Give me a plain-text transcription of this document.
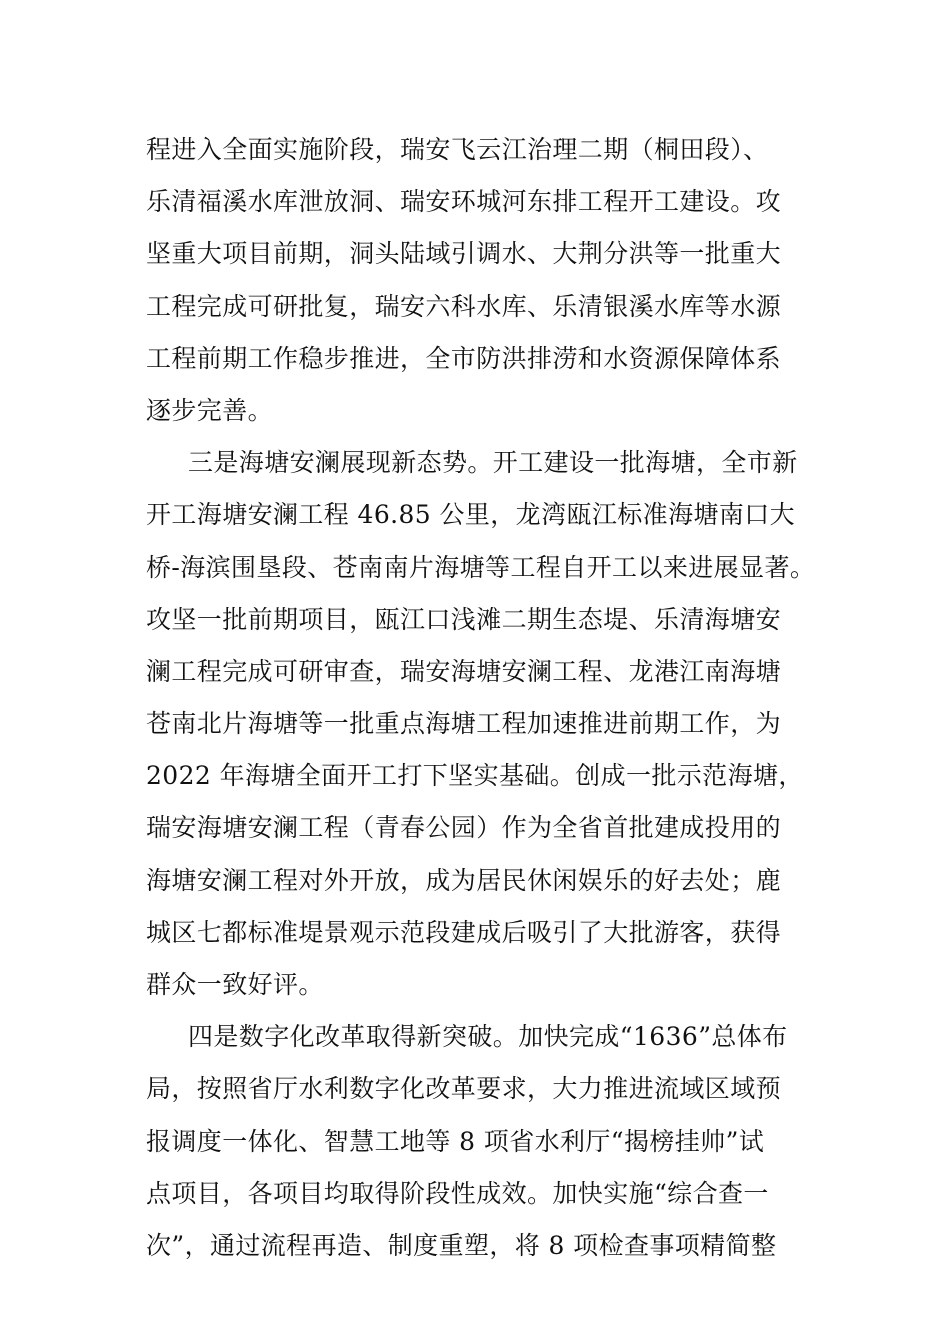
程进入全面实施阶段，瑞安飞云江治理二期（桐田段）、
乐清福溪水库泄放洞、瑞安环城河东排工程开工建设。攻
坚重大项目前期，洞头陆域引调水、大荆分洪等一批重大
工程完成可研批复，瑞安六科水库、乐清银溪水库等水源
工程前期工作稳步推进，全市防洪排涝和水资源保障体系
逐步完善。
三是海塘安澜展现新态势。开工建设一批海塘，全市新
开工海塘安澜工程 46.85 公里，龙湾瓯江标准海塘南口大
桥-海滨围垦段、苍南南片海塘等工程自开工以来进展显著。
攻坚一批前期项目，瓯江口浅滩二期生态堤、乐清海塘安
澜工程完成可研审查，瑞安海塘安澜工程、龙港江南海塘
苍南北片海塘等一批重点海塘工程加速推进前期工作，为
2022 年海塘全面开工打下坚实基础。创成一批示范海塘，
瑞安海塘安澜工程（青春公园）作为全省首批建成投用的
海塘安澜工程对外开放，成为居民休闲娱乐的好去处；鹿
城区七都标准堤景观示范段建成后吸引了大批游客，获得
群众一致好评。
四是数字化改革取得新突破。加快完成“1636”总体布
局，按照省厅水利数字化改革要求，大力推进流域区域预
报调度一体化、智慧工地等 8 项省水利厅“揭榜挂帅”试
点项目，各项目均取得阶段性成效。加快实施“综合查一
次”，通过流程再造、制度重塑，将 8 项检查事项精简整
